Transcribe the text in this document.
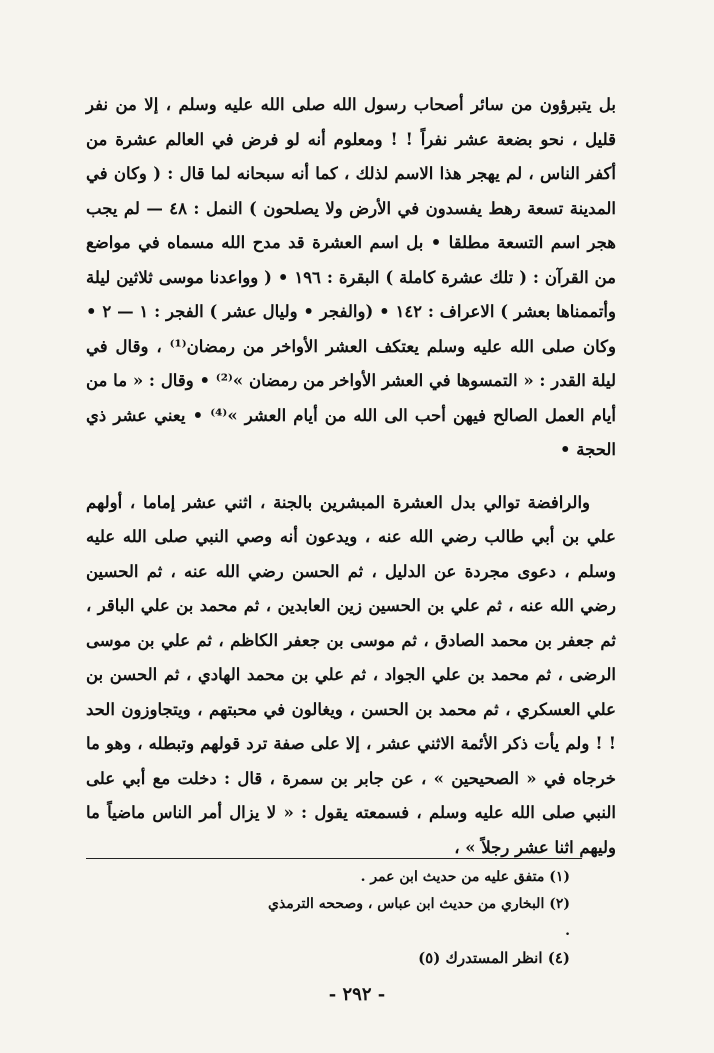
بل يتبرؤون من سائر أصحاب رسول الله صلى الله عليه وسلم ، إلا من نفر قليل ، نحو بضعة عشر نفراً ! ! ومعلوم أنه لو فرض في العالم عشرة من أكفر الناس ، لم يهجر هذا الاسم لذلك ، كما أنه سبحانه لما قال : ( وكان في المدينة تسعة رهط يفسدون في الأرض ولا يصلحون ) النمل : ٤٨ — لم يجب هجر اسم التسعة مطلقا • بل اسم العشرة قد مدح الله مسماه في مواضع من القرآن : ( تلك عشرة كاملة ) البقرة : ١٩٦ • ( وواعدنا موسى ثلاثين ليلة وأتممناها بعشر ) الاعراف : ١٤٢ • (والفجر • وليال عشر ) الفجر : ١ — ٢ • وكان صلى الله عليه وسلم يعتكف العشر الأواخر من رمضان⁽¹⁾ ، وقال في ليلة القدر : « التمسوها في العشر الأواخر من رمضان »⁽²⁾ • وقال : « ما من أيام العمل الصالح فيهن أحب الى الله من أيام العشر »⁽⁴⁾ • يعني عشر ذي الحجة •

والرافضة توالي بدل العشرة المبشرين بالجنة ، اثني عشر إماما ، أولهم علي بن أبي طالب رضي الله عنه ، ويدعون أنه وصي النبي صلى الله عليه وسلم ، دعوى مجردة عن الدليل ، ثم الحسن رضي الله عنه ، ثم الحسين رضي الله عنه ، ثم علي بن الحسين زين العابدين ، ثم محمد بن علي الباقر ، ثم جعفر بن محمد الصادق ، ثم موسى بن جعفر الكاظم ، ثم علي بن موسى الرضى ، ثم محمد بن علي الجواد ، ثم علي بن محمد الهادي ، ثم الحسن بن علي العسكري ، ثم محمد بن الحسن ، ويغالون في محبتهم ، ويتجاوزون الحد ! ! ولم يأت ذكر الأئمة الاثني عشر ، إلا على صفة ترد قولهم وتبطله ، وهو ما خرجاه في « الصحيحين » ، عن جابر بن سمرة ، قال : دخلت مع أبي على النبي صلى الله عليه وسلم ، فسمعته يقول : « لا يزال أمر الناس ماضياً ما وليهم اثنا عشر رجلاً » ،

(١) متفق عليه من حديث ابن عمر .

(٢) البخاري من حديث ابن عباس ، وصححه الترمذي .

(٤) انظر المستدرك (٥)

- ٢٩٢ -
